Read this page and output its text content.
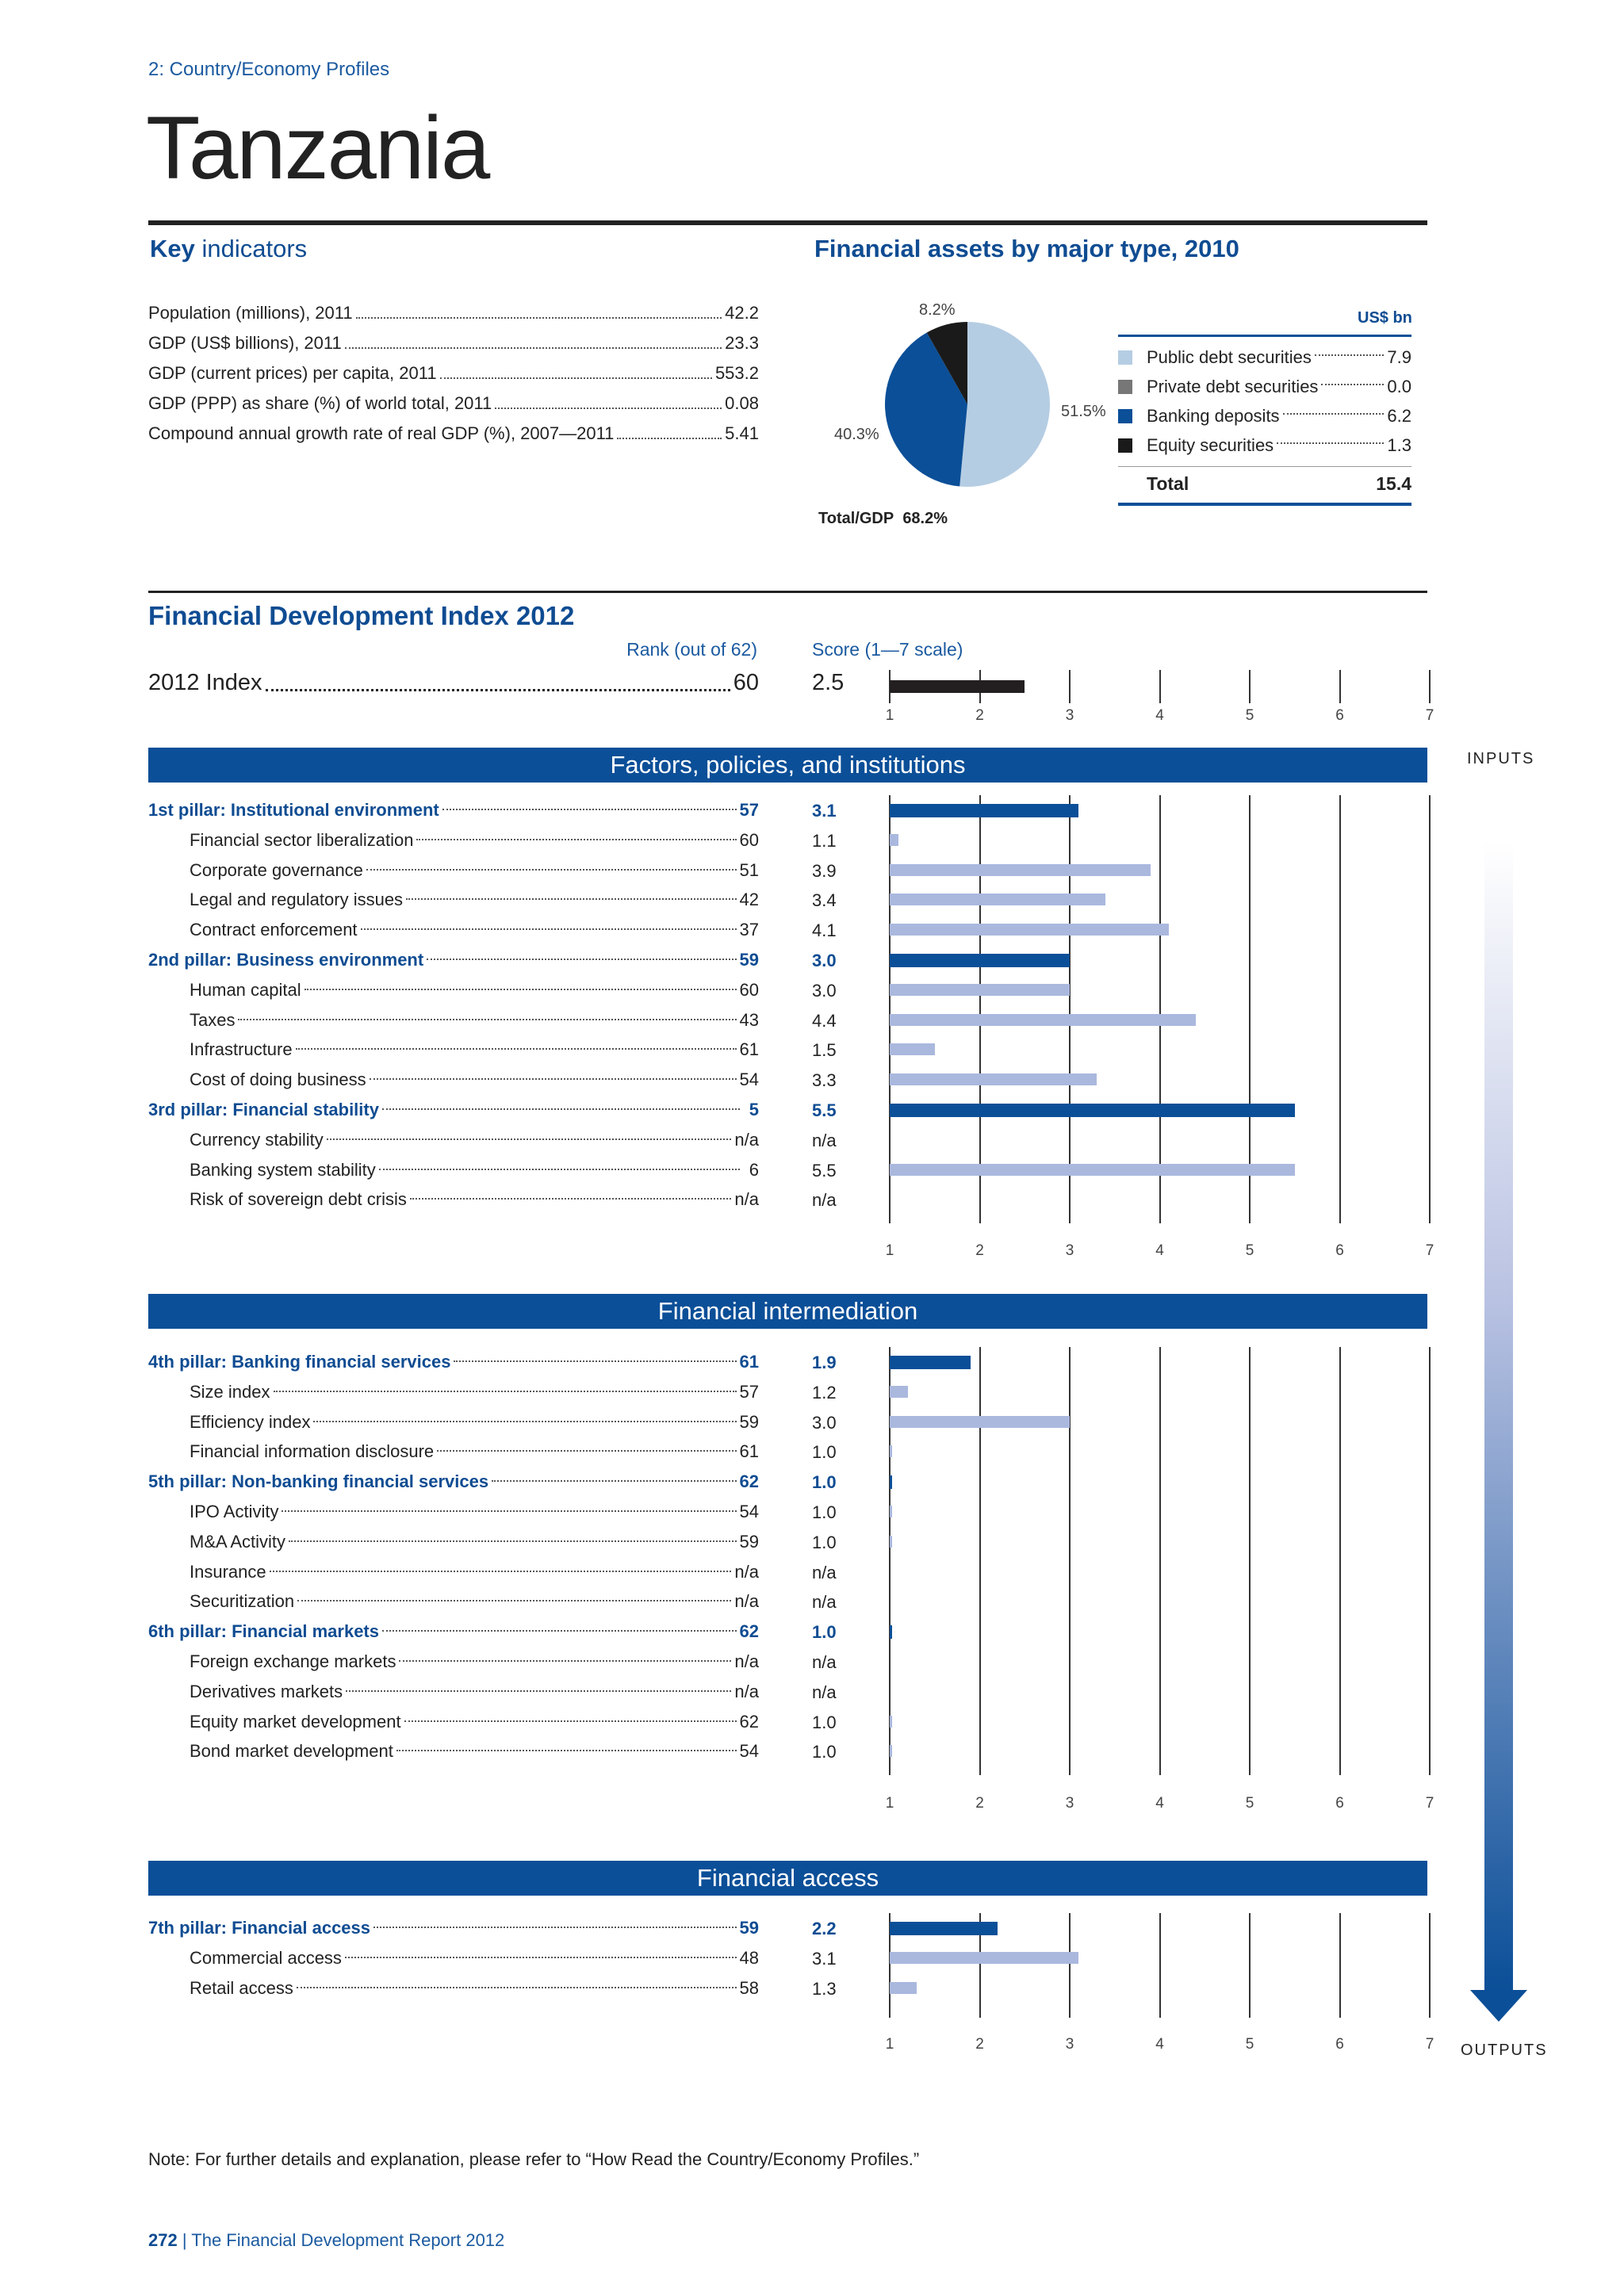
2: Country/Economy Profiles
Tanzania
Key indicators
Population (millions), 2011	42.2
GDP (US$ billions), 2011	23.3
GDP (current prices) per capita, 2011	553.2
GDP (PPP) as share (%) of world total, 2011	0.08
Compound annual growth rate of real GDP (%), 2007—2011	5.41
Financial assets by major type, 2010
8.2%
51.5%
40.3%
Total/GDP 68.2%
US$ bn
Public debt securities	7.9
Private debt securities	0.0
Banking deposits	6.2
Equity securities	1.3
Total	15.4
Financial Development Index 2012
Rank (out of 62)	Score (1—7 scale)
2012 Index	60 2.5
1	2	3	4	5	6	7
Factors, policies, and institutions
1	2	3	4	5	6	7
1st pillar: Institutional environment	57	3.1
Financial sector liberalization	60	1.1
Corporate governance	51	3.9
Legal and regulatory issues	42	3.4
Contract enforcement	37	4.1
2nd pillar: Business environment	59	3.0
Human capital	60	3.0
Taxes	43	4.4
Infrastructure	61	1.5
Cost of doing business	54	3.3
3rd pillar: Financial stability	5	5.5
Currency stability	n/a	n/a
Banking system stability	6	5.5
Risk of sovereign debt crisis	n/a	n/a
Financial intermediation
1	2	3	4	5	6	7
4th pillar: Banking financial services	61	1.9
Size index	57	1.2
Efficiency index	59	3.0
Financial information disclosure	61	1.0
5th pillar: Non-banking financial services	62	1.0
IPO Activity	54	1.0
M&A Activity	59	1.0
Insurance	n/a	n/a
Securitization	n/a	n/a
6th pillar: Financial markets	62	1.0
Foreign exchange markets	n/a	n/a
Derivatives markets	n/a	n/a
Equity market development	62	1.0
Bond market development	54	1.0
Financial access
1	2	3	4	5	6	7
7th pillar: Financial access	59	2.2
Commercial access	48	3.1
Retail access	58	1.3
INPUTS
OUTPUTS
Note: For further details and explanation, please refer to “How Read the Country/Economy Profiles.”
272 | The Financial Development Report 2012
